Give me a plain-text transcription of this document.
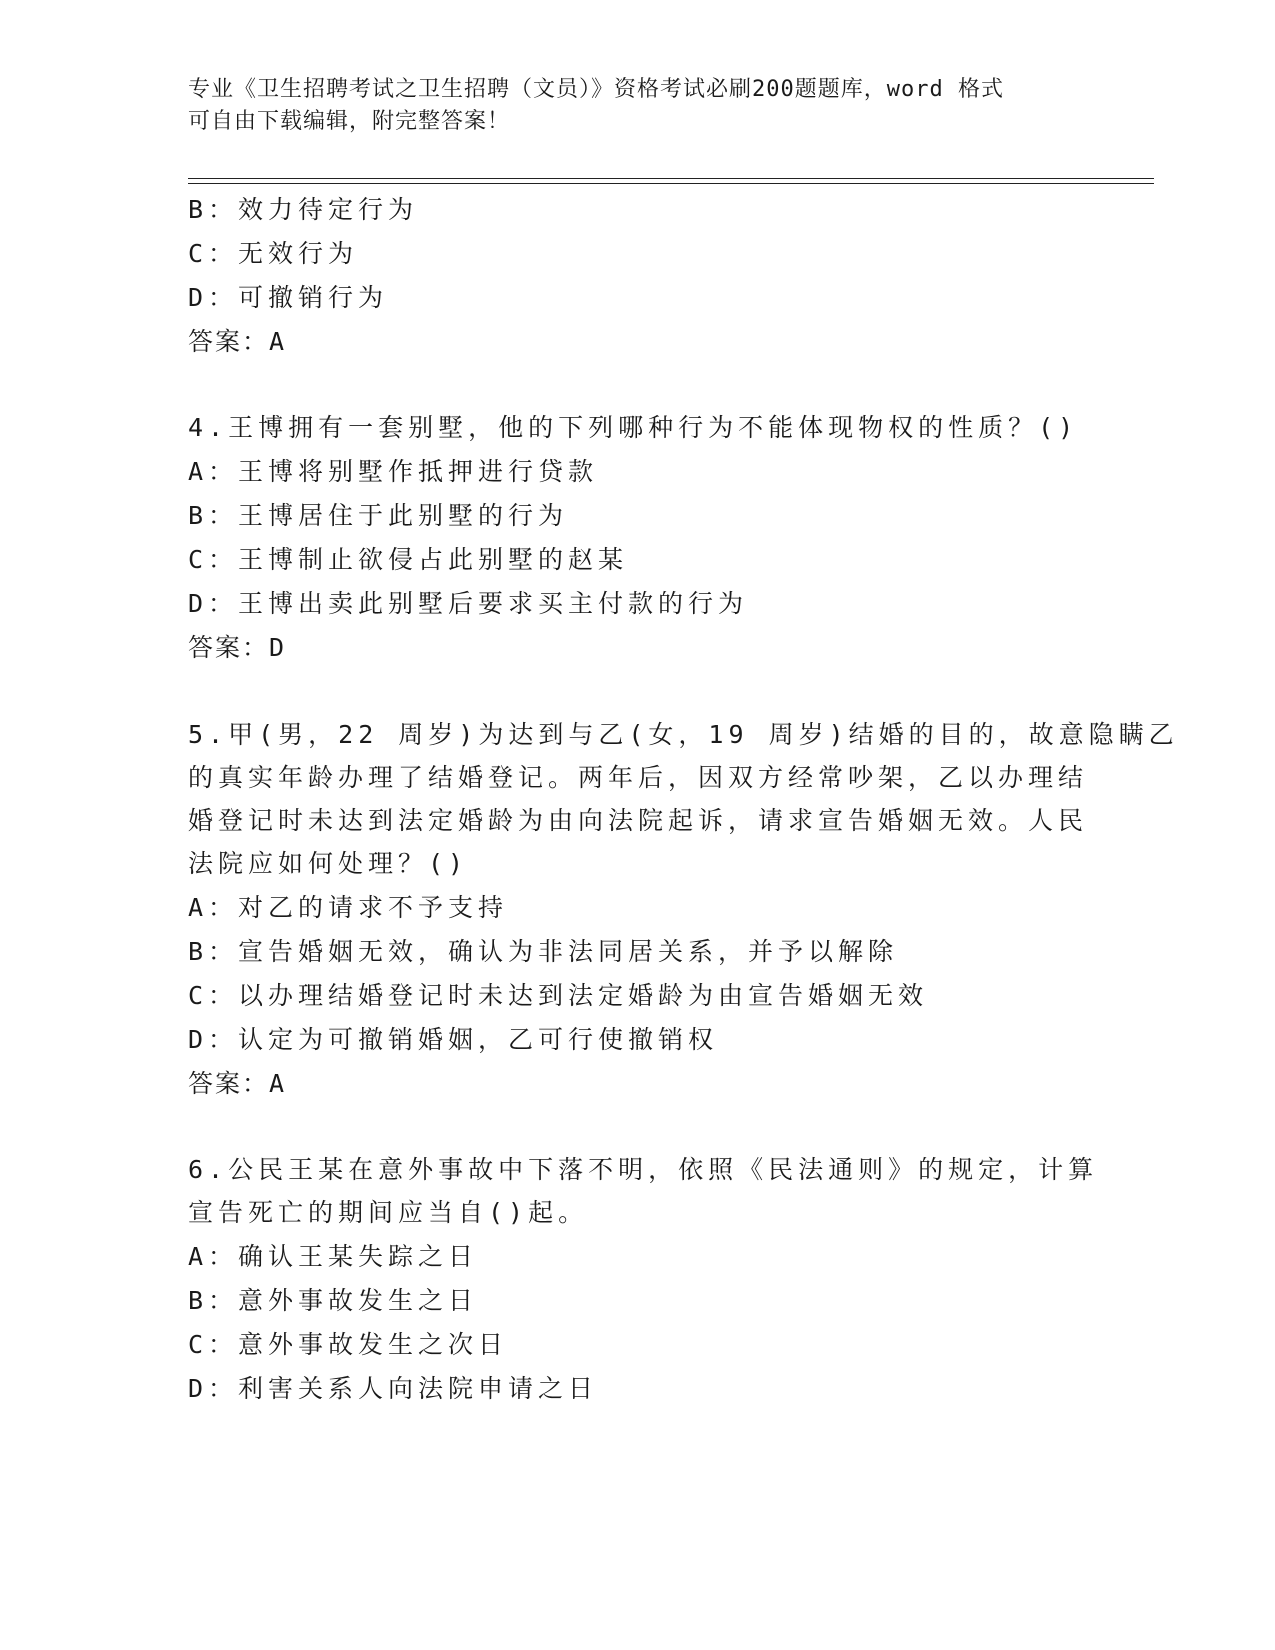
专业《卫生招聘考试之卫生招聘（文员）》资格考试必刷200题题库，word 格式
可自由下载编辑，附完整答案！
B：效力待定行为
C：无效行为
D：可撤销行为
答案：A
4.王博拥有一套别墅，他的下列哪种行为不能体现物权的性质？()
A：王博将别墅作抵押进行贷款
B：王博居住于此别墅的行为
C：王博制止欲侵占此别墅的赵某
D：王博出卖此别墅后要求买主付款的行为
答案：D
5.甲(男，22 周岁)为达到与乙(女，19 周岁)结婚的目的，故意隐瞒乙
的真实年龄办理了结婚登记。两年后，因双方经常吵架，乙以办理结
婚登记时未达到法定婚龄为由向法院起诉，请求宣告婚姻无效。人民
法院应如何处理？()
A：对乙的请求不予支持
B：宣告婚姻无效，确认为非法同居关系，并予以解除
C：以办理结婚登记时未达到法定婚龄为由宣告婚姻无效
D：认定为可撤销婚姻，乙可行使撤销权
答案：A
6.公民王某在意外事故中下落不明，依照《民法通则》的规定，计算
宣告死亡的期间应当自()起。
A：确认王某失踪之日
B：意外事故发生之日
C：意外事故发生之次日
D：利害关系人向法院申请之日
